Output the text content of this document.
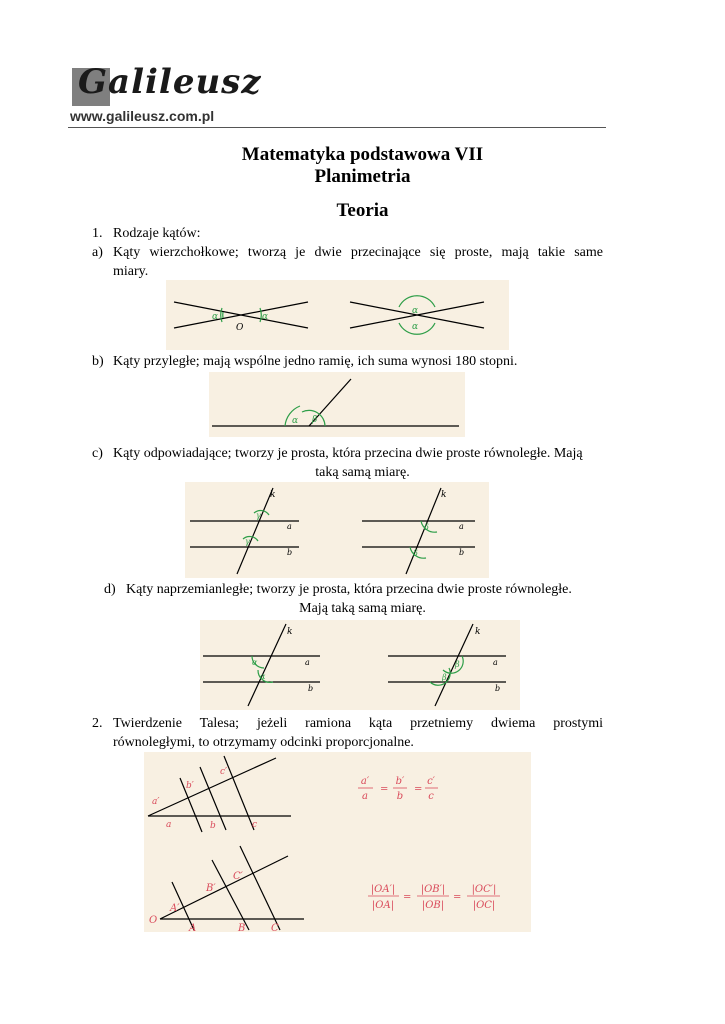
Galileusz
www.galileusz.com.pl
Matematyka podstawowa VII
Planimetria
Teoria
1. Rodzaje kątów:
a) Kąty wierzchołkowe; tworzą je dwie przecinające się proste, mają takie same
miary.
α	α
O
α
α
b) Kąty przyległe; mają wspólne jedno ramię, ich suma wynosi 180 stopni.
α β
c) Kąty odpowiadające; tworzy je prosta, która przecina dwie proste równoległe. Mają
taką samą miarę.
γ
γ
k
a
b
δ
δ
k
a
b
d) Kąty naprzemianległe; tworzy je prosta, która przecina dwie proste równoległe.
Mają taką samą miarę.
α
α
k
a
b
β
β
k
a
b
2. Twierdzenie Talesa; jeżeli ramiona kąta przetniemy dwiema prostymi
równoległymi, to otrzymamy odcinki proporcjonalne.
a′
b′
c′
a	b	c
a′
a
=
b′
b
=
c′
c
O
A′
B′
C′
A	B	C
|OA′|
|OA|
=
|OB′|
|OB|
=
|OC′|
|OC|
